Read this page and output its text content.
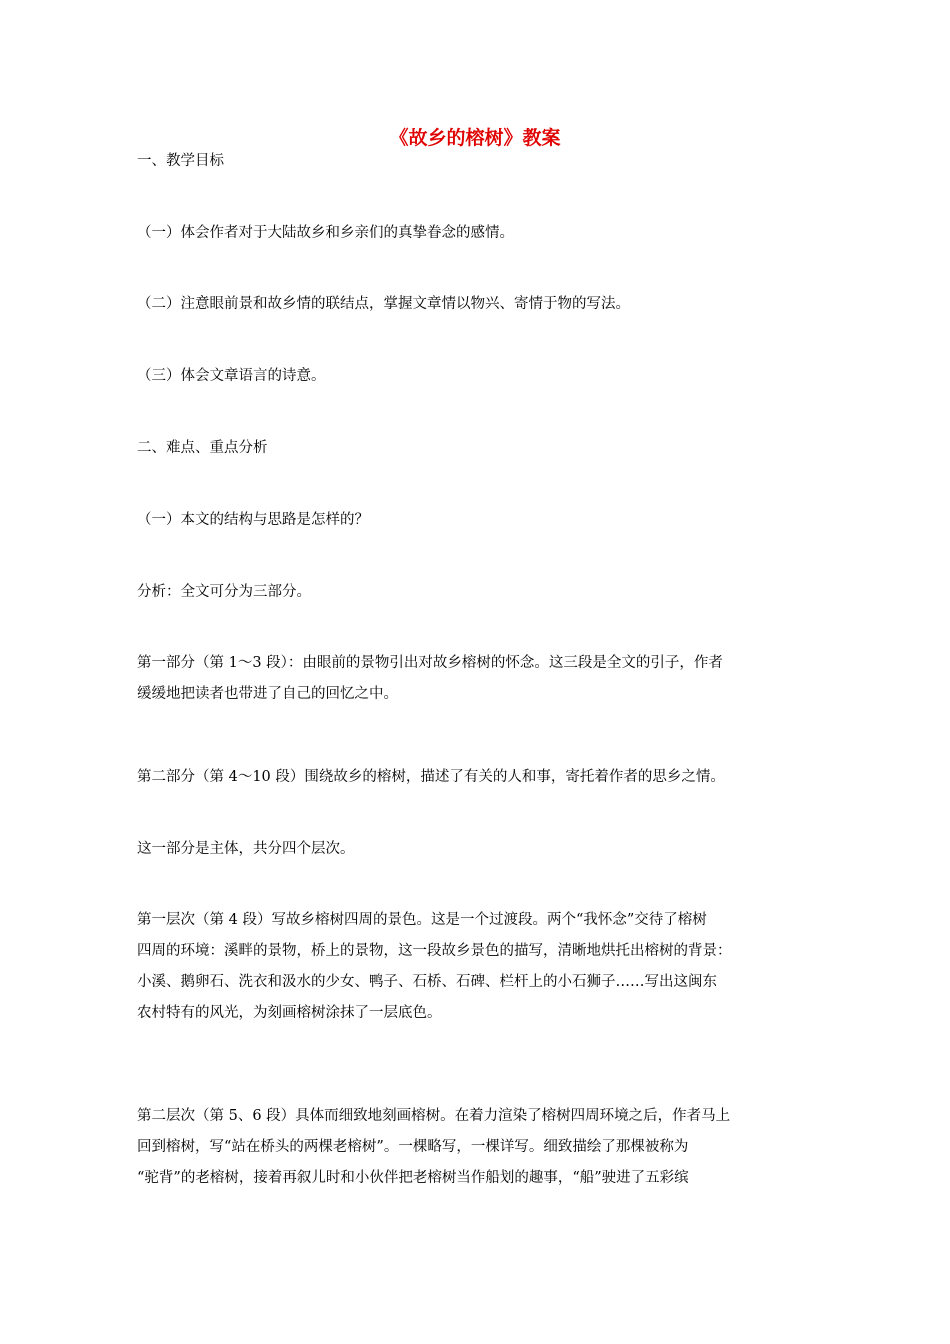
《故乡的榕树》教案
一、教学目标
（一）体会作者对于大陆故乡和乡亲们的真挚眷念的感情。
（二）注意眼前景和故乡情的联结点，掌握文章情以物兴、寄情于物的写法。
（三）体会文章语言的诗意。
二、难点、重点分析
（一）本文的结构与思路是怎样的？
分析：全文可分为三部分。
第一部分（第 1～3 段）：由眼前的景物引出对故乡榕树的怀念。这三段是全文的引子，作者
缓缓地把读者也带进了自己的回忆之中。
第二部分（第 4～10 段）围绕故乡的榕树，描述了有关的人和事，寄托着作者的思乡之情。
这一部分是主体，共分四个层次。
第一层次（第 4 段）写故乡榕树四周的景色。这是一个过渡段。两个“我怀念”交待了榕树
四周的环境：溪畔的景物，桥上的景物，这一段故乡景色的描写，清晰地烘托出榕树的背景：
小溪、鹅卵石、洗衣和汲水的少女、鸭子、石桥、石碑、栏杆上的小石狮子……写出这闽东
农村特有的风光，为刻画榕树涂抹了一层底色。
第二层次（第 5、6 段）具体而细致地刻画榕树。在着力渲染了榕树四周环境之后，作者马上
回到榕树，写“站在桥头的两棵老榕树”。一棵略写，一棵详写。细致描绘了那棵被称为
“驼背”的老榕树，接着再叙儿时和小伙伴把老榕树当作船划的趣事，“船”驶进了五彩缤
